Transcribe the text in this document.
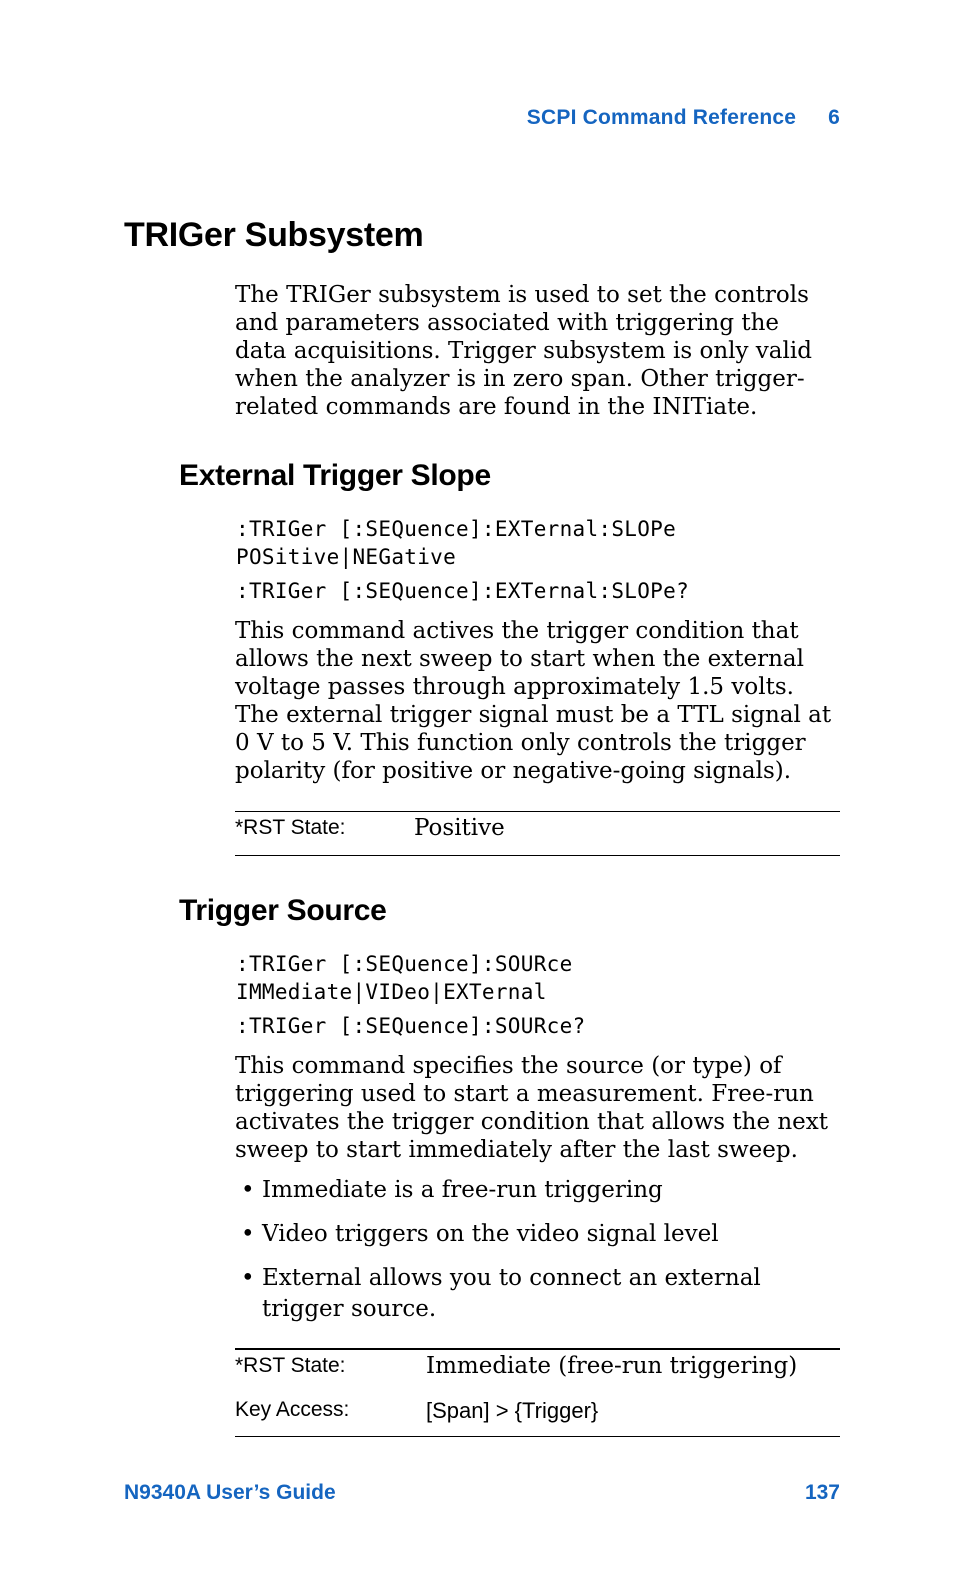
SCPI Command Reference 6
TRIGer Subsystem
The TRIGer subsystem is used to set the controls and parameters associated with triggering the data acquisitions. Trigger subsystem is only valid when the analyzer is in zero span. Other trigger-related commands are found in the INITiate.
External Trigger Slope
:TRIGer [:SEQuence]:EXTernal:SLOPe
POSitive|NEGative
:TRIGer [:SEQuence]:EXTernal:SLOPe?
This command actives the trigger condition that allows the next sweep to start when the external voltage passes through approximately 1.5 volts. The external trigger signal must be a TTL signal at 0 V to 5 V. This function only controls the trigger polarity (for positive or negative-going signals).
*RST State:	Positive
Trigger Source
:TRIGer [:SEQuence]:SOURce
IMMediate|VIDeo|EXTernal
:TRIGer [:SEQuence]:SOURce?
This command specifies the source (or type) of triggering used to start a measurement. Free-run activates the trigger condition that allows the next sweep to start immediately after the last sweep.
• Immediate is a free-run triggering
• Video triggers on the video signal level
• External allows you to connect an external trigger source.
*RST State:	Immediate (free-run triggering)
Key Access:	[Span] > {Trigger}
N9340A User’s Guide	137
